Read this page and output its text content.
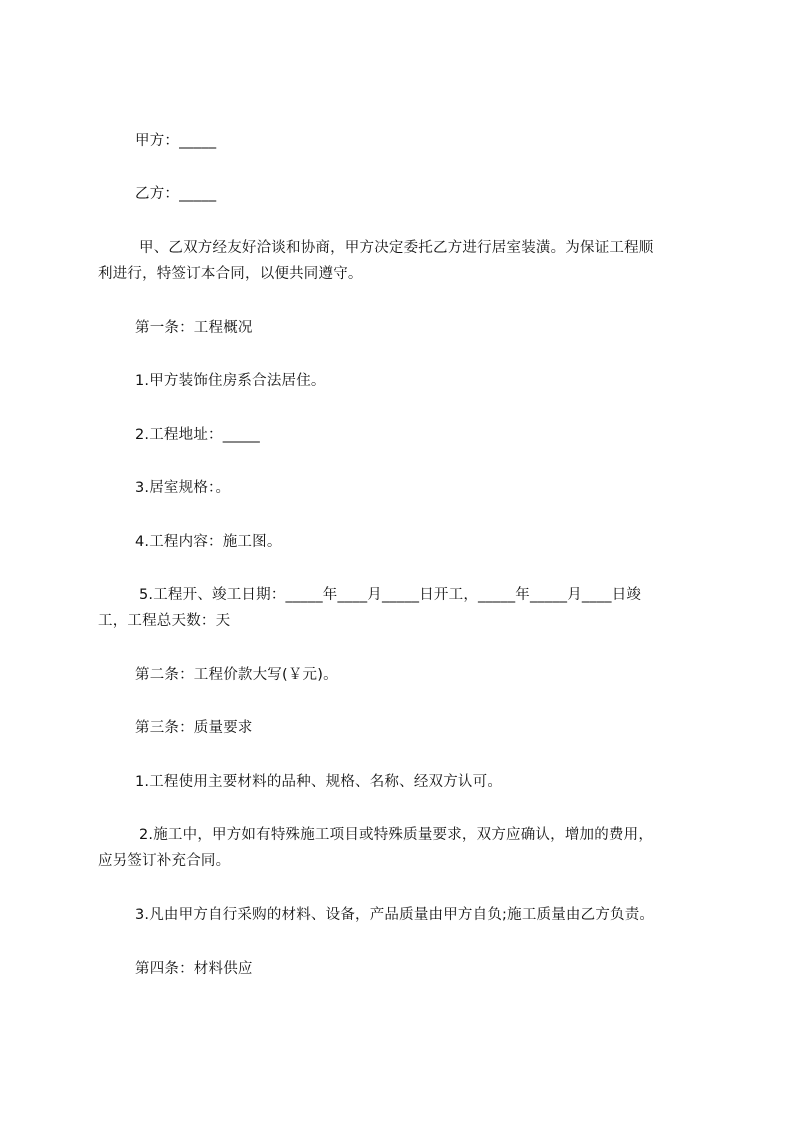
甲方：_____
乙方：_____
甲、乙双方经友好洽谈和协商，甲方决定委托乙方进行居室装潢。为保证工程顺
利进行，特签订本合同，以便共同遵守。
第一条：工程概况
1.甲方装饰住房系合法居住。
2.工程地址：_____
3.居室规格：。
4.工程内容：施工图。
5.工程开、竣工日期：_____年____月_____日开工，_____年_____月____日竣
工，工程总天数：天
第二条：工程价款大写(￥元)。
第三条：质量要求
1.工程使用主要材料的品种、规格、名称、经双方认可。
2.施工中，甲方如有特殊施工项目或特殊质量要求，双方应确认，增加的费用，
应另签订补充合同。
3.凡由甲方自行采购的材料、设备，产品质量由甲方自负;施工质量由乙方负责。
第四条：材料供应
